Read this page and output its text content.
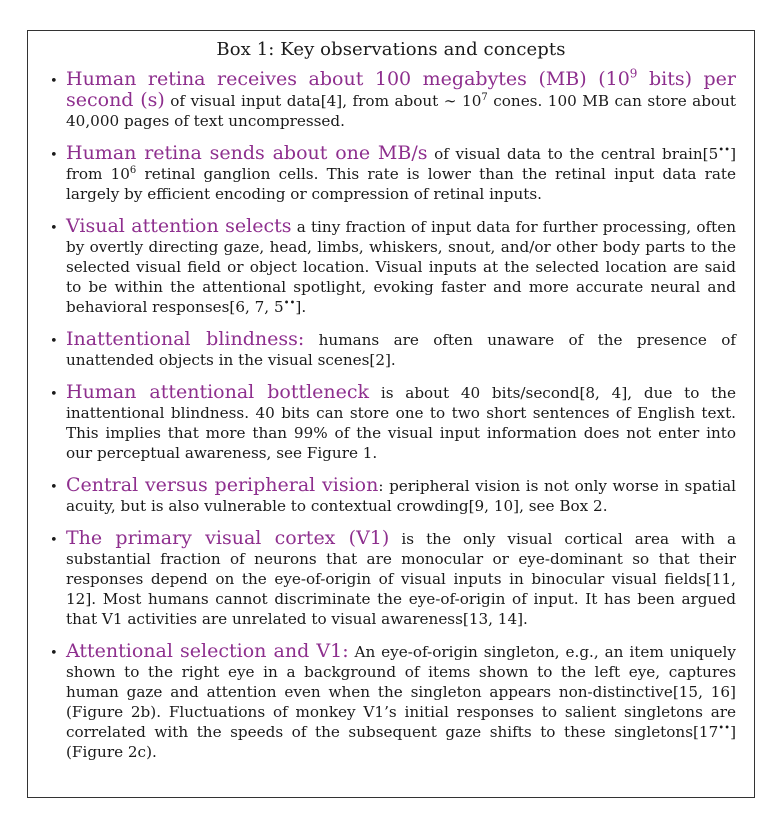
Box 1: Key observations and concepts
• Human retina receives about 100 megabytes (MB) ($10^9$ bits) per second (s) of visual input data[4], from about ∼ $10^7$ cones. 100 MB can store about 40,000 pages of text uncompressed.
• Human retina sends about one MB/s of visual data to the central brain[5••] from $10^6$ retinal ganglion cells. This rate is lower than the retinal input data rate largely by efficient encoding or compression of retinal inputs.
• Visual attention selects a tiny fraction of input data for further processing, often by overtly directing gaze, head, limbs, whiskers, snout, and/or other body parts to the selected visual field or object location. Visual inputs at the selected location are said to be within the attentional spotlight, evoking faster and more accurate neural and behavioral responses[6, 7, 5••].
• Inattentional blindness: humans are often unaware of the presence of unattended objects in the visual scenes[2].
• Human attentional bottleneck is about 40 bits/second[8, 4], due to the inattentional blindness. 40 bits can store one to two short sentences of English text. This implies that more than 99% of the visual input information does not enter into our perceptual awareness, see Figure 1.
• Central versus peripheral vision: peripheral vision is not only worse in spatial acuity, but is also vulnerable to contextual crowding[9, 10], see Box 2.
• The primary visual cortex (V1) is the only visual cortical area with a substantial fraction of neurons that are monocular or eye-dominant so that their responses depend on the eye-of-origin of visual inputs in binocular visual fields[11, 12]. Most humans cannot discriminate the eye-of-origin of input. It has been argued that V1 activities are unrelated to visual awareness[13, 14].
• Attentional selection and V1: An eye-of-origin singleton, e.g., an item uniquely shown to the right eye in a background of items shown to the left eye, captures human gaze and attention even when the singleton appears non-distinctive[15, 16] (Figure 2b). Fluctuations of monkey V1’s initial responses to salient singletons are correlated with the speeds of the subsequent gaze shifts to these singletons[17••] (Figure 2c).
